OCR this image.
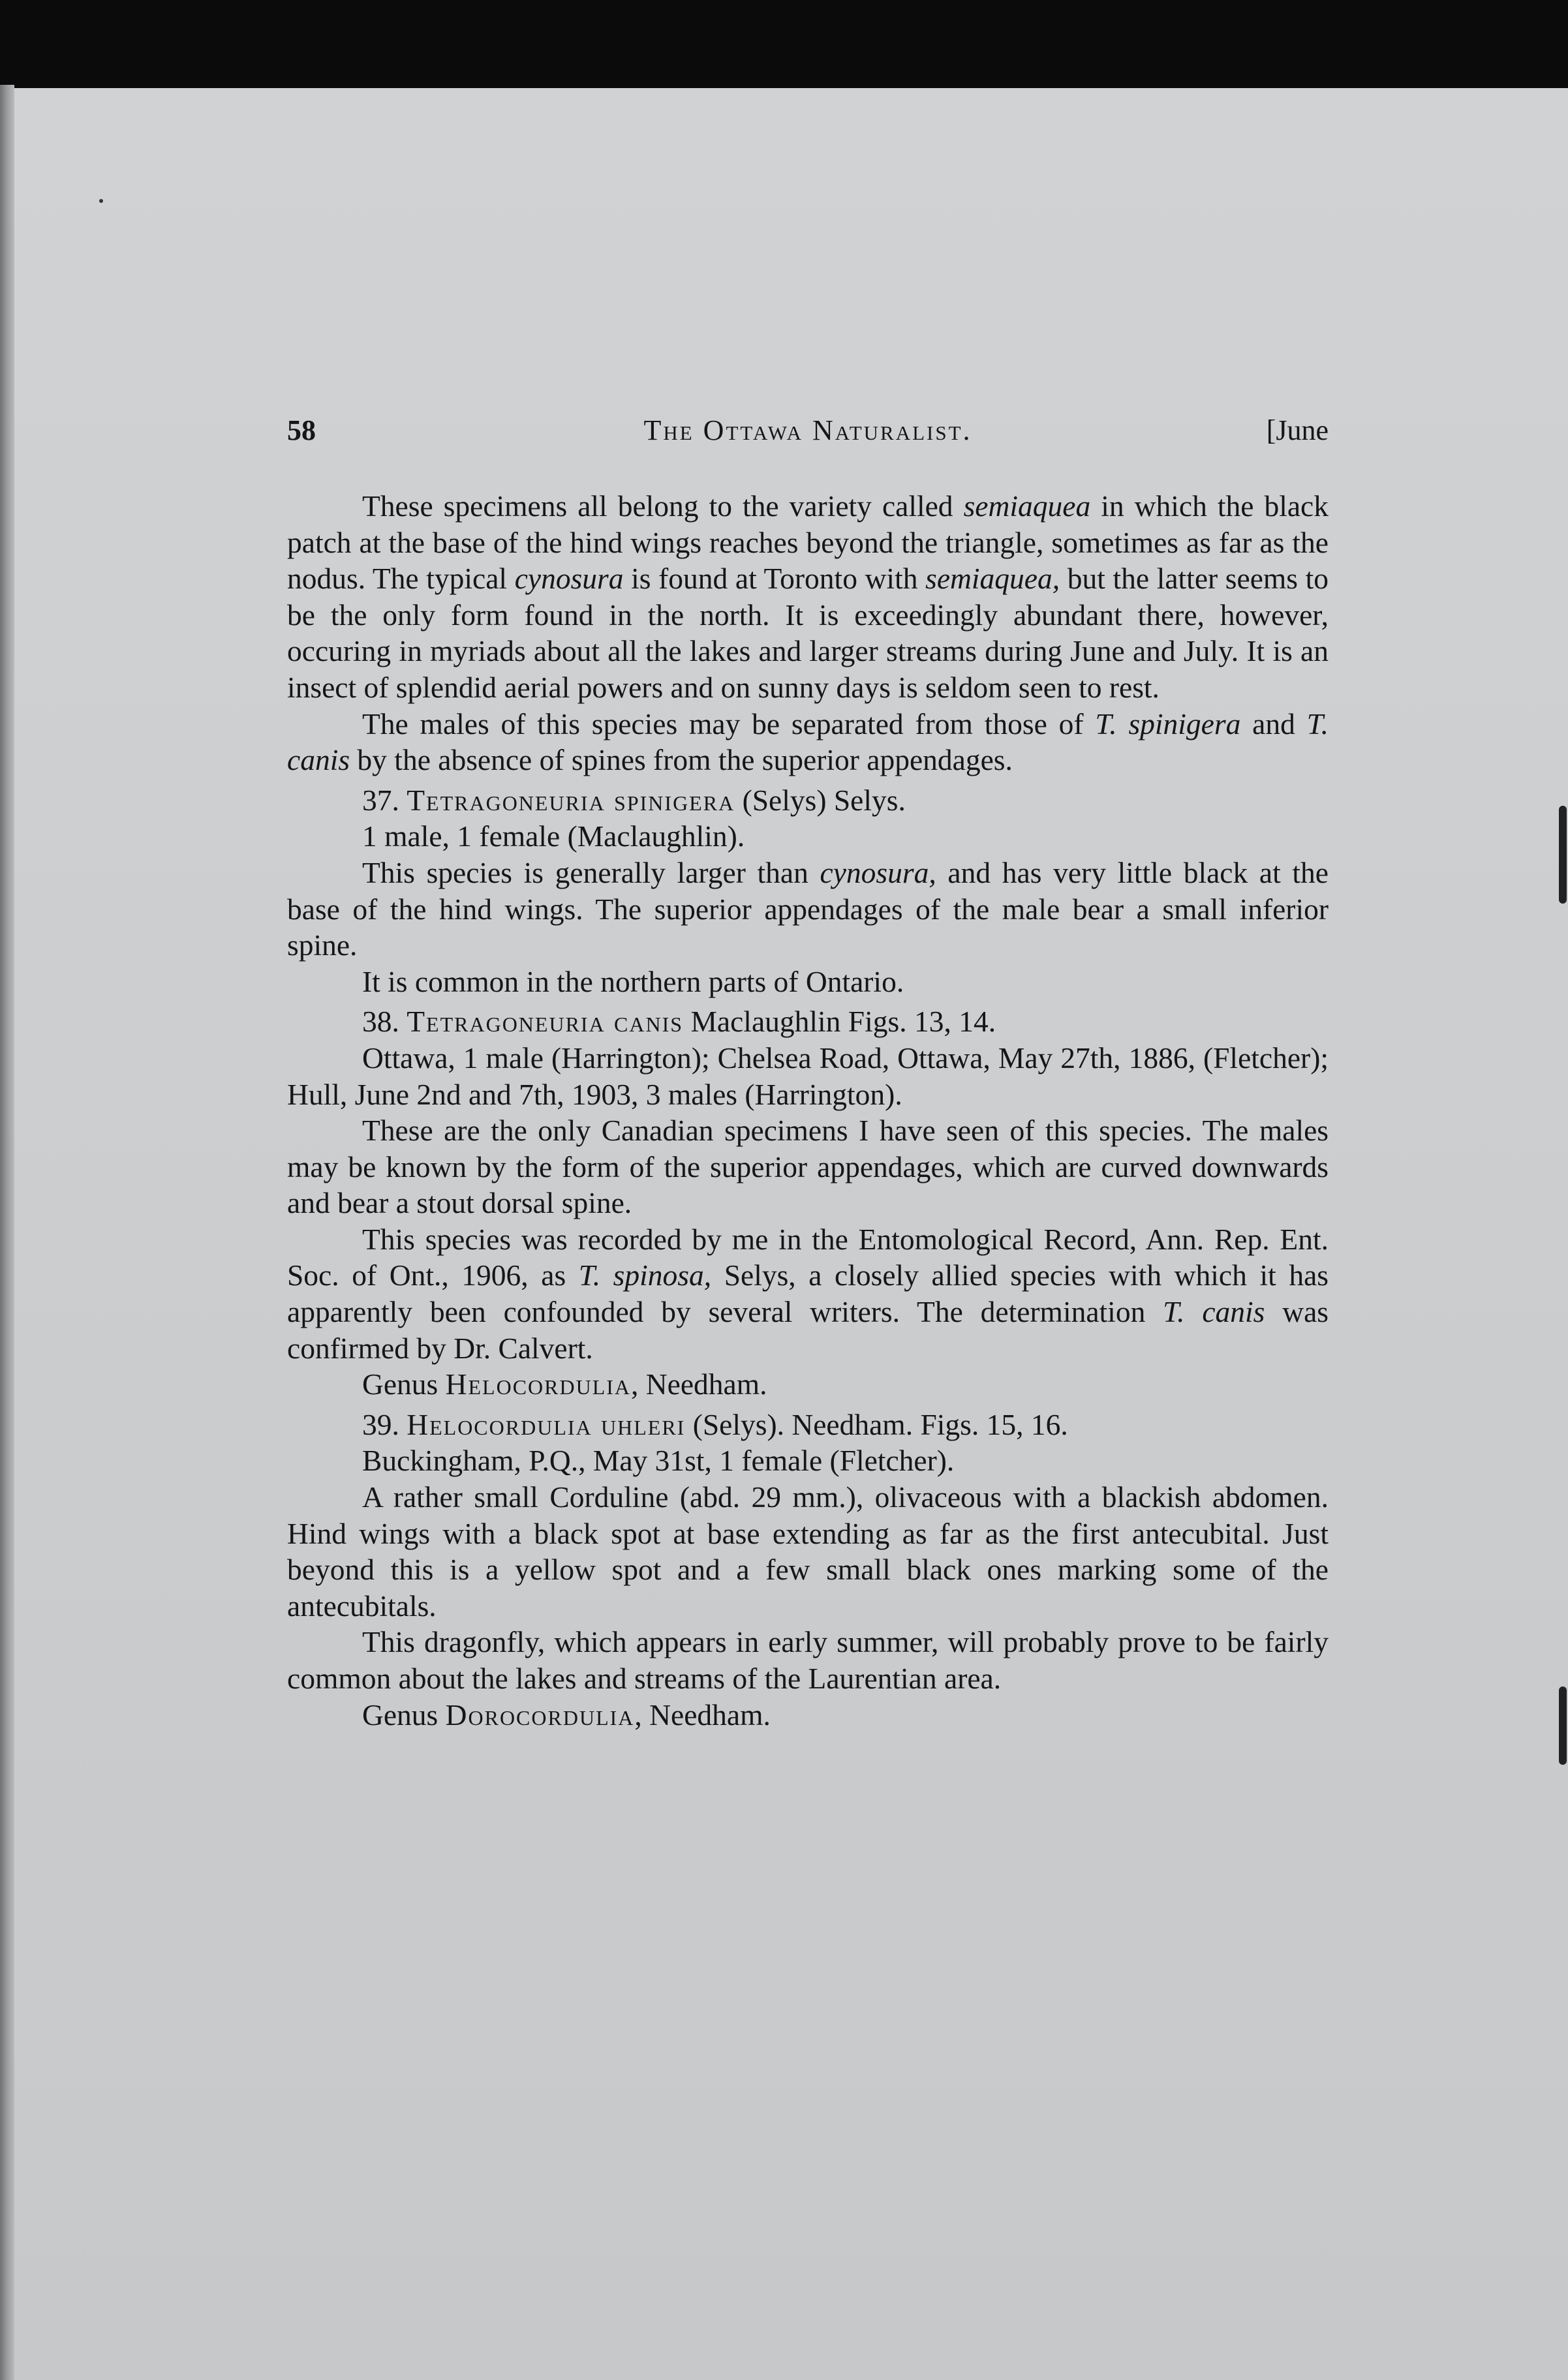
58	The Ottawa Naturalist.	[June

These specimens all belong to the variety called semiaquea in which the black patch at the base of the hind wings reaches beyond the triangle, sometimes as far as the nodus. The typical cynosura is found at Toronto with semiaquea, but the latter seems to be the only form found in the north. It is exceedingly abundant there, however, occuring in myriads about all the lakes and larger streams during June and July. It is an insect of splendid aerial powers and on sunny days is seldom seen to rest.

The males of this species may be separated from those of T. spinigera and T. canis by the absence of spines from the superior appendages.

37. Tetragoneuria spinigera (Selys) Selys.

1 male, 1 female (Maclaughlin).

This species is generally larger than cynosura, and has very little black at the base of the hind wings. The superior appendages of the male bear a small inferior spine.

It is common in the northern parts of Ontario.

38. Tetragoneuria canis Maclaughlin Figs. 13, 14.

Ottawa, 1 male (Harrington); Chelsea Road, Ottawa, May 27th, 1886, (Fletcher); Hull, June 2nd and 7th, 1903, 3 males (Harrington).

These are the only Canadian specimens I have seen of this species. The males may be known by the form of the superior appendages, which are curved downwards and bear a stout dorsal spine.

This species was recorded by me in the Entomological Record, Ann. Rep. Ent. Soc. of Ont., 1906, as T. spinosa, Selys, a closely allied species with which it has apparently been confounded by several writers. The determination T. canis was confirmed by Dr. Calvert.

Genus Helocordulia, Needham.

39. Helocordulia uhleri (Selys). Needham. Figs. 15, 16.

Buckingham, P.Q., May 31st, 1 female (Fletcher).

A rather small Corduline (abd. 29 mm.), olivaceous with a blackish abdomen. Hind wings with a black spot at base extending as far as the first antecubital. Just beyond this is a yellow spot and a few small black ones marking some of the antecubitals.

This dragonfly, which appears in early summer, will probably prove to be fairly common about the lakes and streams of the Laurentian area.

Genus Dorocordulia, Needham.
